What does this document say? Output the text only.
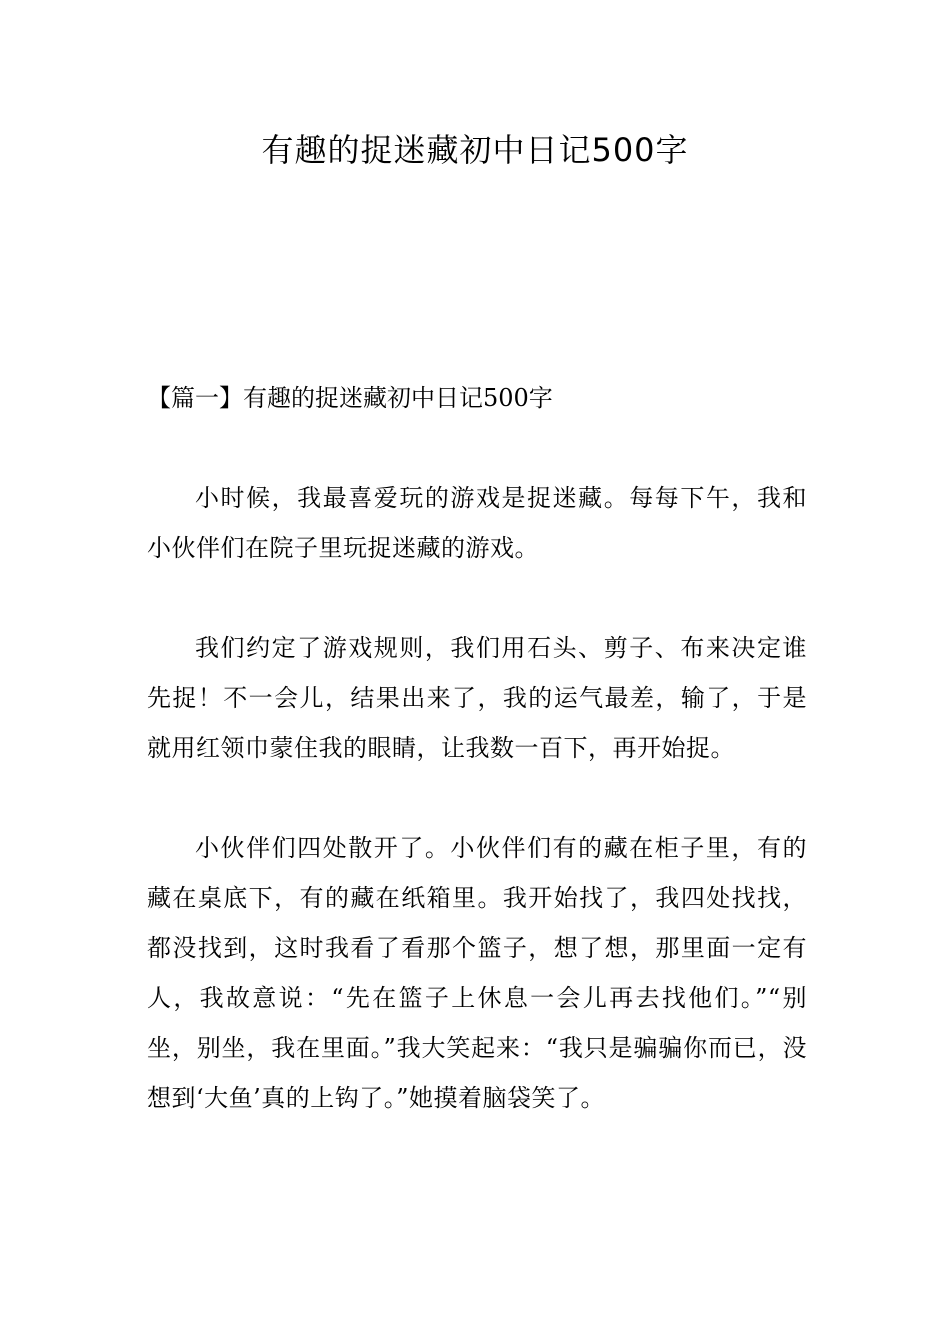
有趣的捉迷藏初中日记500字
【篇一】有趣的捉迷藏初中日记500字

小时候，我最喜爱玩的游戏是捉迷藏。每每下午，我和小伙伴们在院子里玩捉迷藏的游戏。

我们约定了游戏规则，我们用石头、剪子、布来决定谁先捉！不一会儿，结果出来了，我的运气最差，输了，于是就用红领巾蒙住我的眼睛，让我数一百下，再开始捉。

小伙伴们四处散开了。小伙伴们有的藏在柜子里，有的藏在桌底下，有的藏在纸箱里。我开始找了，我四处找找，都没找到，这时我看了看那个篮子，想了想，那里面一定有人，我故意说：“先在篮子上休息一会儿再去找他们。”“别坐，别坐，我在里面。”我大笑起来：“我只是骗骗你而已，没想到‘大鱼’真的上钩了。”她摸着脑袋笑了。
